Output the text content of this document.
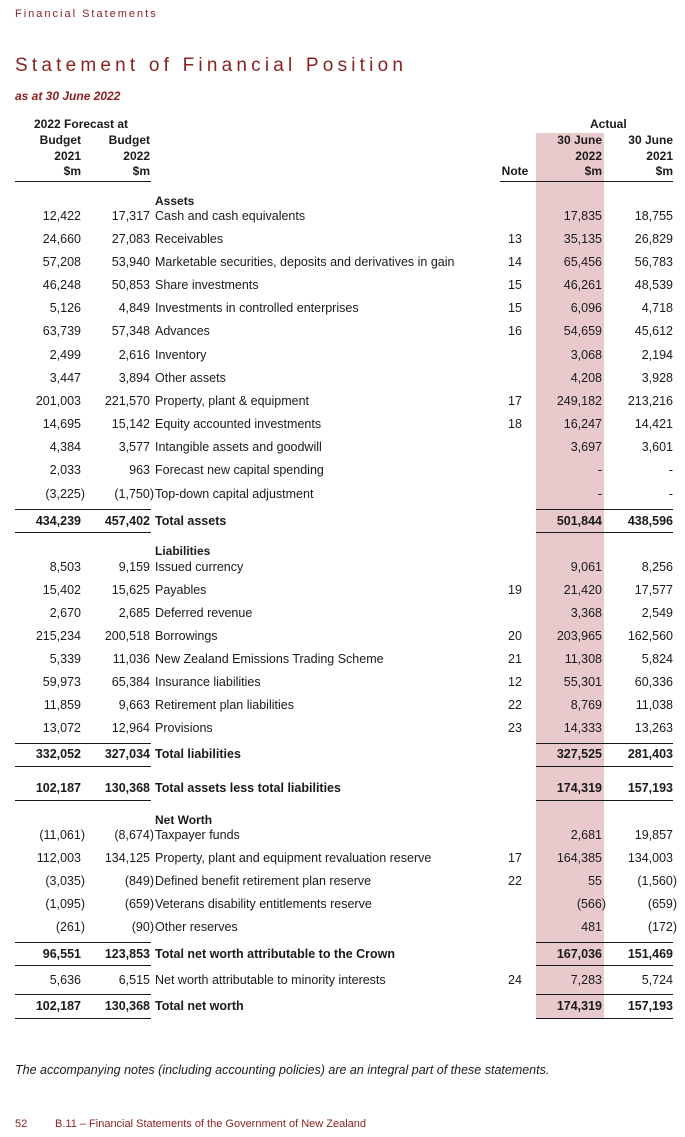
Financial Statements
Statement of Financial Position
as at 30 June 2022
2022 Forecast at	Actual
Budget
2021
$m
Budget
2022
$m	Note
30 June
2022
$m
30 June
2021
$m
Assets
Liabilities
Net Worth
12,422 17,317 Cash and cash equivalents	17,835	18,755
24,660 27,083 Receivables	13	35,135	26,829
57,208 53,940 Marketable securities, deposits and derivatives in gain	14	65,456	56,783
46,248 50,853 Share investments	15	46,261	48,539
5,126	4,849 Investments in controlled enterprises	15	6,096	4,718
63,739 57,348 Advances	16	54,659	45,612
2,499	2,616 Inventory	3,068	2,194
3,447	3,894 Other assets	4,208	3,928
201,003 221,570 Property, plant & equipment	17	249,182 213,216
14,695 15,142 Equity accounted investments	18	16,247	14,421
4,384	3,577 Intangible assets and goodwill	3,697	3,601
2,033	963 Forecast new capital spending	-	-
(3,225) (1,750) Top-down capital adjustment	-	-
434,239 457,402 Total assets	501,844 438,596
8,503	9,159 Issued currency	9,061	8,256
15,402 15,625 Payables	19	21,420	17,577
2,670	2,685 Deferred revenue	3,368	2,549
215,234 200,518 Borrowings	20	203,965 162,560
5,339	11,036 New Zealand Emissions Trading Scheme	21	11,308	5,824
59,973 65,384 Insurance liabilities	12	55,301	60,336
11,859	9,663 Retirement plan liabilities	22	8,769	11,038
13,072 12,964 Provisions	23	14,333	13,263
332,052 327,034 Total liabilities	327,525 281,403
102,187 130,368 Total assets less total liabilities	174,319 157,193
(11,061) (8,674) Taxpayer funds	2,681	19,857
112,003 134,125 Property, plant and equipment revaluation reserve	17	164,385 134,003
(3,035)	(849) Defined benefit retirement plan reserve	22	55	(1,560)
(1,095)	(659) Veterans disability entitlements reserve	(566)	(659)
(261)	(90) Other reserves	481	(172)
96,551 123,853 Total net worth attributable to the Crown	167,036 151,469
5,636	6,515 Net worth attributable to minority interests	24	7,283	5,724
102,187 130,368 Total net worth	174,319 157,193
The accompanying notes (including accounting policies) are an integral part of these statements.
52	B.11 – Financial Statements of the Government of New Zealand
